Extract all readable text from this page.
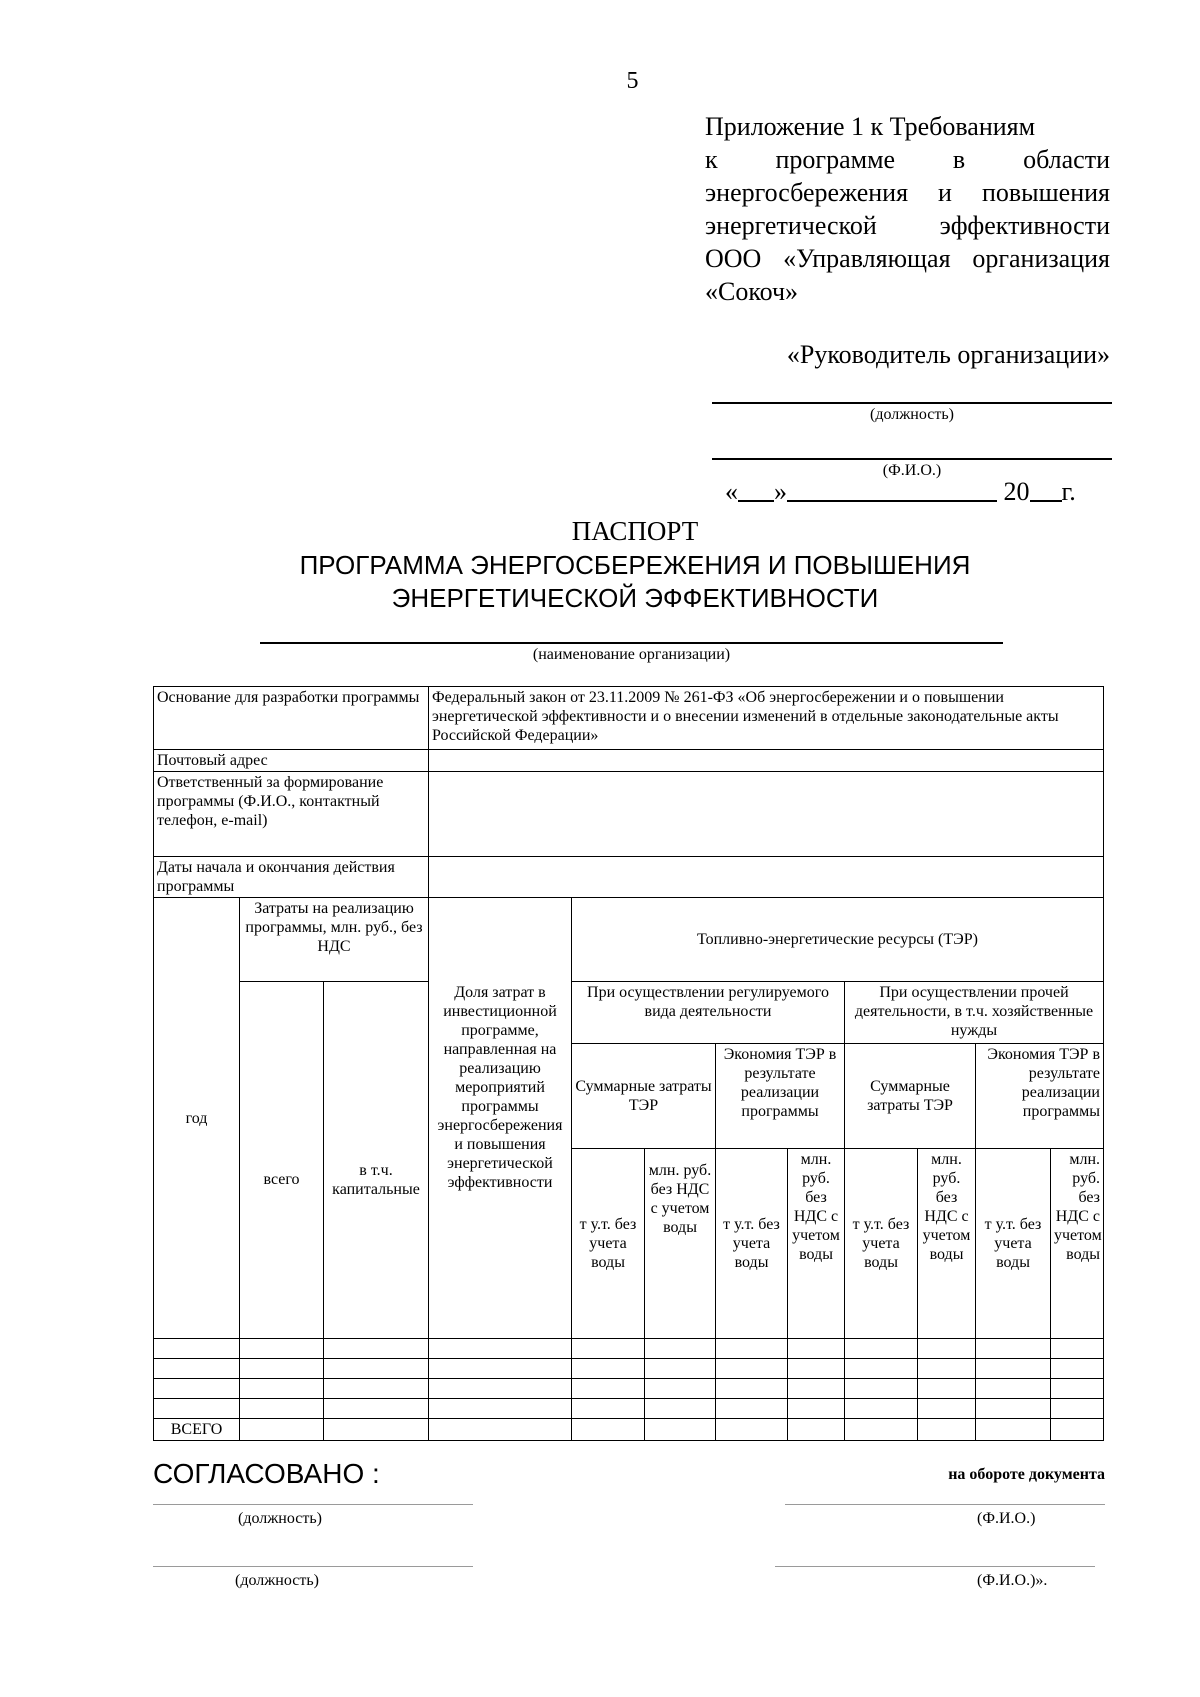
5
Приложение 1 к Требованиям
к программе в области энергосбережения и повышения энергетической эффективности ООО «Управляющая организация «Сокоч»
«Руководитель организации»
(должность)
(Ф.И.О.)
« »	20 г.
ПАСПОРТ
ПРОГРАММА ЭНЕРГОСБЕРЕЖЕНИЯ И ПОВЫШЕНИЯ
ЭНЕРГЕТИЧЕСКОЙ ЭФФЕКТИВНОСТИ
(наименование организации)
Основание для разработки программы			Федеральный закон от 23.11.2009 № 261-ФЗ «Об энергосбережении и о повышении энергетической эффективности и о внесении изменений в отдельные законодательные акты Российской Федерации»								
Почтовый адрес											
Ответственный за формирование программы (Ф.И.О., контактный телефон, e-mail)											
Даты начала и окончания действия программы											
год	Затраты на реализацию программы, млн. руб., без НДС		Доля затрат в инвестиционной программе, направленная на реализацию мероприятий программы энергосбережения и повышения энергетической эффективности	Топливно-энергетические ресурсы (ТЭР)							
	всего	в т.ч. капитальные		При осуществлении регулируемого вида деятельности				При осуществлении прочей деятельности, в т.ч. хозяйственные нужды			
				Суммарные затраты ТЭР		Экономия ТЭР в результате реализации программы		Суммарные затраты ТЭР		Экономия ТЭР в результате реализации программы	
				т у.т. без учета воды	млн. руб. без НДС с учетом воды	т у.т. без учета воды	млн. руб. без НДС с учетом воды	т у.т. без учета воды	млн. руб. без НДС с учетом воды	т у.т. без учета воды	млн. руб. без НДС с учетом воды

ВСЕГО											
СОГЛАСОВАНО :	на обороте документа
(должность)	(Ф.И.О.)
(должность)	(Ф.И.О.)».
